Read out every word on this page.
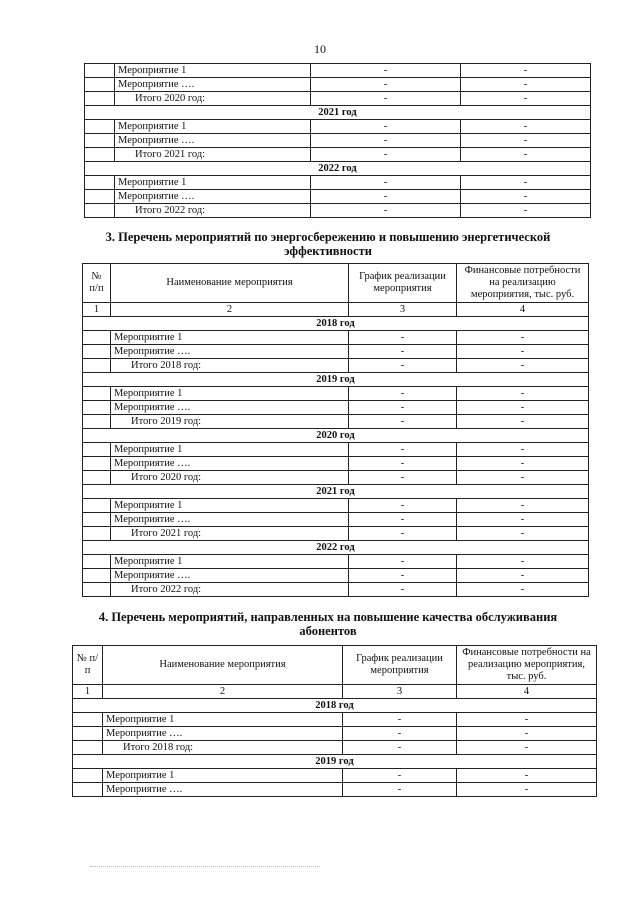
10
	Мероприятие 1	-	-
	Мероприятие ….	-	-
	Итого 2020 год:	-	-
2021 год			
	Мероприятие 1	-	-
	Мероприятие ….	-	-
	Итого 2021 год:	-	-
2022 год			
	Мероприятие 1	-	-
	Мероприятие ….	-	-
	Итого 2022 год:	-	-
3. Перечень мероприятий по энергосбережению и повышению энергетической эффективности
№ п/п	Наименование мероприятия	График реализации мероприятия	Финансовые потребности на реализацию мероприятия, тыс. руб.
1	2	3	4
2018 год			
	Мероприятие 1	-	-
	Мероприятие ….	-	-
	Итого 2018 год:	-	-
2019 год			
	Мероприятие 1	-	-
	Мероприятие ….	-	-
	Итого 2019 год:	-	-
2020 год			
	Мероприятие 1	-	-
	Мероприятие ….	-	-
	Итого 2020 год:	-	-
2021 год			
	Мероприятие 1	-	-
	Мероприятие ….	-	-
	Итого 2021 год:	-	-
2022 год			
	Мероприятие 1	-	-
	Мероприятие ….	-	-
	Итого 2022 год:	-	-
4. Перечень мероприятий, направленных на повышение качества обслуживания абонентов
№ п/п	Наименование мероприятия	График реализации мероприятия	Финансовые потребности на реализацию мероприятия, тыс. руб.
1	2	3	4
2018 год			
	Мероприятие 1	-	-
	Мероприятие ….	-	-
	Итого 2018 год:	-	-
2019 год			
	Мероприятие 1	-	-
	Мероприятие ….	-	-
